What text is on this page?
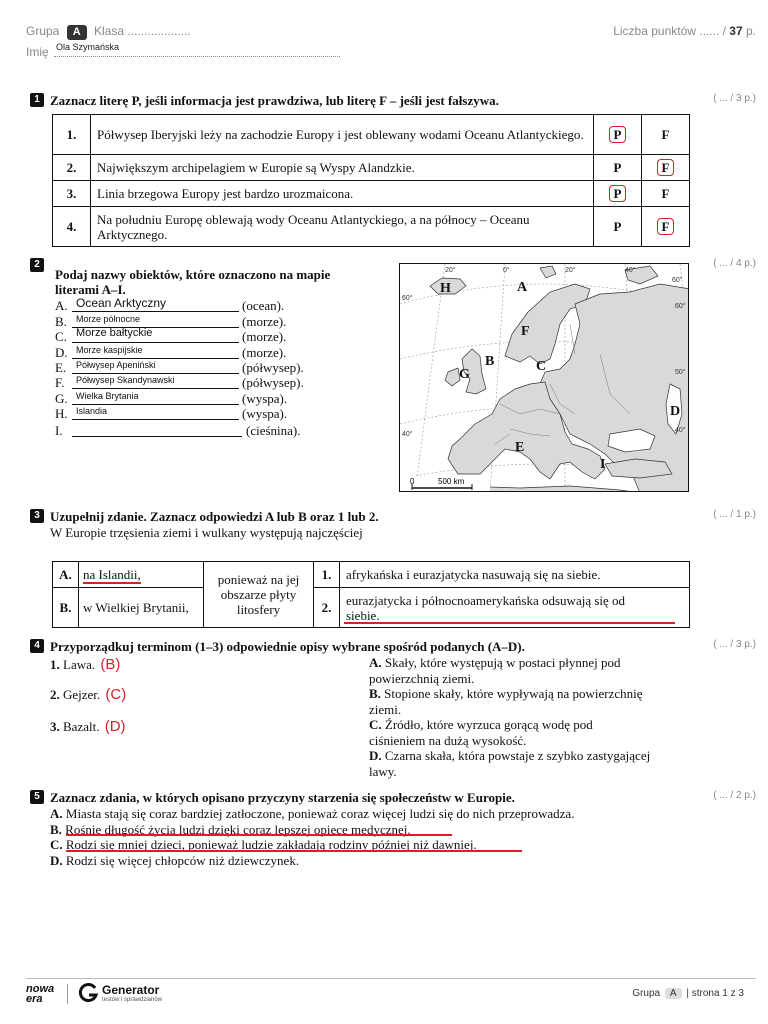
Grupa A Klasa ...................	Liczba punktów ...... / 37 p.
Imię Ola Szymańska
1 Zaznacz literę P, jeśli informacja jest prawdziwa, lub literę F – jeśli jest fałszywa.	( ... / 3 p.)
1.	Półwysep Iberyjski leży na zachodzie Europy i jest oblewany wodami Oceanu Atlantyckiego.	P	F
2.	Największym archipelagiem w Europie są Wyspy Alandzkie.	P	F
3.	Linia brzegowa Europy jest bardzo urozmaicona.	P	F
4.	Na południu Europę oblewają wody Oceanu Atlantyckiego, a na północy – Oceanu Arktycznego.	P	F
2
Podaj nazwy obiektów, które oznaczono na mapie
literami A–I.
( ... / 4 p.)
A. Ocean Arktyczny	(ocean).
B. Morze północne	(morze).
C. Morze bałtyckie	(morze).
D. Morze kaspijskie	(morze).
E. Półwysep Apeniński	(półwysep).
F. Półwysep Skandynawski	(półwysep).
G. Wielka Brytania	(wyspa).
H. Islandia	(wyspa).
I.	(cieśnina).
20°	0°	20°	40°
60°
60°
60°
50°
40°
40°
H	A
F
B
G
C
D
E
I
0	500 km
3 Uzupełnij zdanie. Zaznacz odpowiedzi A lub B oraz 1 lub 2.	( ... / 1 p.)
W Europie trzęsienia ziemi i wulkany występują najczęściej
A.	na Islandii,	ponieważ na jej obszarze płyty litosfery	1.	afrykańska i eurazjatycka nasuwają się na siebie.
B.	w Wielkiej Brytanii,		2.	eurazjatycka i północnoamerykańska odsuwają się od
siebie.
4 Przyporządkuj terminom (1–3) odpowiednie opisy wybrane spośród podanych (A–D).	( ... / 3 p.)
1. Lawa. (B)
2. Gejzer. (C)
3. Bazalt. (D)
A. Skały, które występują w postaci płynnej pod
powierzchnią ziemi.
B. Stopione skały, które wypływają na powierzchnię
ziemi.
C. Źródło, które wyrzuca gorącą wodę pod
ciśnieniem na dużą wysokość.
D. Czarna skała, która powstaje z szybko zastygającej
lawy.
5 Zaznacz zdania, w których opisano przyczyny starzenia się społeczeństw w Europie.	( ... / 2 p.)
A. Miasta stają się coraz bardziej zatłoczone, ponieważ coraz więcej ludzi się do nich przeprowadza.
B. Rośnie długość życia ludzi dzięki coraz lepszej opiece medycznej.
C. Rodzi się mniej dzieci, ponieważ ludzie zakładają rodziny później niż dawniej.
D. Rodzi się więcej chłopców niż dziewczynek.
nowa
era
Generator
testów i sprawdzianów
Grupa A | strona 1 z 3
